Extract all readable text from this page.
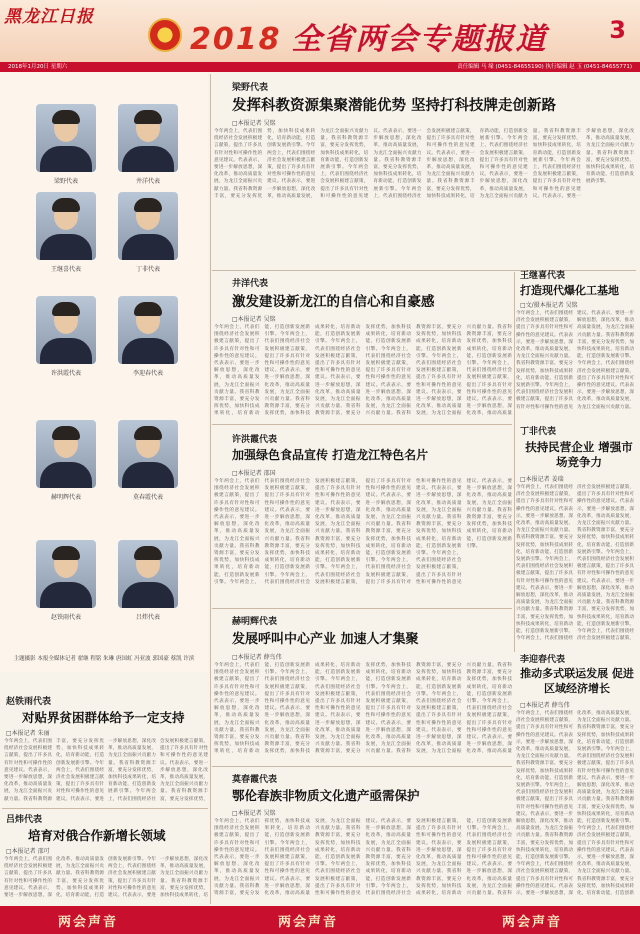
黑龙江日报
2018 全省两会专题报道	3
2018年1月20日 星期六	责任编辑 马 缘 (0451-84655190) 执行编辑 赵 玉 (0451-84655771)
梁野代表	井洋代表
王继喜代表	丁非代表
许洪霞代表	李迎春代表
赫明辉代表	莫春霞代表
赵铁雨代表	吕炜代表
主题摄影 本报全媒体记者 翟继 程铭 朱琳 唐国虹 冯亚波 郭国豪 蔡凯 许滨
梁野代表
发挥科教资源集聚潜能优势 坚持打科技牌走创新路
□本报记者 吴铭
今年两会上，代表们围绕经济社会发展积极建言献策，提出了许多具有针对性和可操作性的意见建议。代表表示，要进一步解放思想，深化改革，推动高质量发展，为龙江全面振兴贡献力量。我省科教资源丰富，要充分发挥优势，加快科技成果转化，培育新动能，打造创新发展新引擎。今年两会上，代表们围绕经济社会发展积极建言献策，提出了许多具有针对性和可操作性的意见建议。代表表示，要进一步解放思想，深化改革，推动高质量发展，为龙江全面振兴贡献力量。我省科教资源丰富，要充分发挥优势，加快科技成果转化，培育新动能，打造创新发展新引擎。今年两会上，代表们围绕经济社会发展积极建言献策，提出了许多具有针对性和可操作性的意见建议。代表表示，要进一步解放思想，深化改革，推动高质量发展，为龙江全面振兴贡献力量。我省科教资源丰富，要充分发挥优势，加快科技成果转化，培育新动能，打造创新发展新引擎。今年两会上，代表们围绕经济社会发展积极建言献策，提出了许多具有针对性和可操作性的意见建议。代表表示，要进一步解放思想，深化改革，推动高质量发展，为龙江全面振兴贡献力量。我省科教资源丰富，要充分发挥优势，加快科技成果转化，培育新动能，打造创新发展新引擎。今年两会上，代表们围绕经济社会发展积极建言献策，提出了许多具有针对性和可操作性的意见建议。代表表示，要进一步解放思想，深化改革，推动高质量发展，为龙江全面振兴贡献力量。我省科教资源丰富，要充分发挥优势，加快科技成果转化，培育新动能，打造创新发展新引擎。今年两会上，代表们围绕经济社会发展积极建言献策，提出了许多具有针对性和可操作性的意见建议。代表表示，要进一步解放思想，深化改革，推动高质量发展，为龙江全面振兴贡献力量。我省科教资源丰富，要充分发挥优势，加快科技成果转化，培育新动能，打造创新发展新引擎。
井洋代表
激发建设新龙江的自信心和自豪感
□本报记者 吴铭
今年两会上，代表们围绕经济社会发展积极建言献策，提出了许多具有针对性和可操作性的意见建议。代表表示，要进一步解放思想，深化改革，推动高质量发展，为龙江全面振兴贡献力量。我省科教资源丰富，要充分发挥优势，加快科技成果转化，培育新动能，打造创新发展新引擎。今年两会上，代表们围绕经济社会发展积极建言献策，提出了许多具有针对性和可操作性的意见建议。代表表示，要进一步解放思想，深化改革，推动高质量发展，为龙江全面振兴贡献力量。我省科教资源丰富，要充分发挥优势，加快科技成果转化，培育新动能，打造创新发展新引擎。今年两会上，代表们围绕经济社会发展积极建言献策，提出了许多具有针对性和可操作性的意见建议。代表表示，要进一步解放思想，深化改革，推动高质量发展，为龙江全面振兴贡献力量。我省科教资源丰富，要充分发挥优势，加快科技成果转化，培育新动能，打造创新发展新引擎。今年两会上，代表们围绕经济社会发展积极建言献策，提出了许多具有针对性和可操作性的意见建议。代表表示，要进一步解放思想，深化改革，推动高质量发展，为龙江全面振兴贡献力量。我省科教资源丰富，要充分发挥优势，加快科技成果转化，培育新动能，打造创新发展新引擎。今年两会上，代表们围绕经济社会发展积极建言献策，提出了许多具有针对性和可操作性的意见建议。代表表示，要进一步解放思想，深化改革，推动高质量发展，为龙江全面振兴贡献力量。我省科教资源丰富，要充分发挥优势，加快科技成果转化，培育新动能，打造创新发展新引擎。今年两会上，代表们围绕经济社会发展积极建言献策，提出了许多具有针对性和可操作性的意见建议。代表表示，要进一步解放思想，深化改革，推动高质量
王继喜代表
打造现代爆化工基地
□文/摄本报记者 吴铭
今年两会上，代表们围绕经济社会发展积极建言献策，提出了许多具有针对性和可操作性的意见建议。代表表示，要进一步解放思想，深化改革，推动高质量发展，为龙江全面振兴贡献力量。我省科教资源丰富，要充分发挥优势，加快科技成果转化，培育新动能，打造创新发展新引擎。今年两会上，代表们围绕经济社会发展积极建言献策，提出了许多具有针对性和可操作性的意见建议。代表表示，要进一步解放思想，深化改革，推动高质量发展，为龙江全面振兴贡献力量。我省科教资源丰富，要充分发挥优势，加快科技成果转化，培育新动能，打造创新发展新引擎。今年两会上，代表们围绕经济社会发展积极建言献策，提出了许多具有针对性和可操作性的意见建议。代表表示，要进一步解放思想，深化改革，推动高质量发展，为龙江全面振兴贡献力量。
许洪霞代表
加强绿色食品宣传 打造龙江特色名片
□本报记者 邵国
今年两会上，代表们围绕经济社会发展积极建言献策，提出了许多具有针对性和可操作性的意见建议。代表表示，要进一步解放思想，深化改革，推动高质量发展，为龙江全面振兴贡献力量。我省科教资源丰富，要充分发挥优势，加快科技成果转化，培育新动能，打造创新发展新引擎。今年两会上，代表们围绕经济社会发展积极建言献策，提出了许多具有针对性和可操作性的意见建议。代表表示，要进一步解放思想，深化改革，推动高质量发展，为龙江全面振兴贡献力量。我省科教资源丰富，要充分发挥优势，加快科技成果转化，培育新动能，打造创新发展新引擎。今年两会上，代表们围绕经济社会发展积极建言献策，提出了许多具有针对性和可操作性的意见建议。代表表示，要进一步解放思想，深化改革，推动高质量发展，为龙江全面振兴贡献力量。我省科教资源丰富，要充分发挥优势，加快科技成果转化，培育新动能，打造创新发展新引擎。今年两会上，代表们围绕经济社会发展积极建言献策，提出了许多具有针对性和可操作性的意见建议。代表表示，要进一步解放思想，深化改革，推动高质量发展，为龙江全面振兴贡献力量。我省科教资源丰富，要充分发挥优势，加快科技成果转化，培育新动能，打造创新发展新引擎。今年两会上，代表们围绕经济社会发展积极建言献策，提出了许多具有针对性和可操作性的意见建议。代表表示，要进一步解放思想，深化改革，推动高质量发展，为龙江全面振兴贡献力量。我省科教资源丰富，要充分发挥优势，加快科技成果转化，培育新动能，打造创新发展新引擎。今年两会上，代表们围绕经济社会发展积极建言献策，提出了许多具有针对性和可操作性的意见建议。代表表示，要进一步解放思想，深化改革，推动高质量发展，为龙江全面振兴贡献力量。我省科教资源丰富，要充分发挥优势，加快科技成果转化，培育新动能，打造创新发展新引擎。
丁非代表
扶持民营企业 增强市场竞争力
□本报记者 姜瑞
今年两会上，代表们围绕经济社会发展积极建言献策，提出了许多具有针对性和可操作性的意见建议。代表表示，要进一步解放思想，深化改革，推动高质量发展，为龙江全面振兴贡献力量。我省科教资源丰富，要充分发挥优势，加快科技成果转化，培育新动能，打造创新发展新引擎。今年两会上，代表们围绕经济社会发展积极建言献策，提出了许多具有针对性和可操作性的意见建议。代表表示，要进一步解放思想，深化改革，推动高质量发展，为龙江全面振兴贡献力量。我省科教资源丰富，要充分发挥优势，加快科技成果转化，培育新动能，打造创新发展新引擎。今年两会上，代表们围绕经济社会发展积极建言献策，提出了许多具有针对性和可操作性的意见建议。代表表示，要进一步解放思想，深化改革，推动高质量发展，为龙江全面振兴贡献力量。我省科教资源丰富，要充分发挥优势，加快科技成果转化，培育新动能，打造创新发展新引擎。今年两会上，代表们围绕经济社会发展积极建言献策，提出了许多具有针对性和可操作性的意见建议。代表表示，要进一步解放思想，深化改革，推动高质量发展，为龙江全面振兴贡献力量。我省科教资源丰富，要充分发挥优势，加快科技成果转化，培育新动能，打造创新发展新引擎。今年两会上，代表们围绕经济社会发展积极建言献策，
赫明辉代表
发展呼叫中心产业 加速人才集聚
□本报记者 薛鸟伟
今年两会上，代表们围绕经济社会发展积极建言献策，提出了许多具有针对性和可操作性的意见建议。代表表示，要进一步解放思想，深化改革，推动高质量发展，为龙江全面振兴贡献力量。我省科教资源丰富，要充分发挥优势，加快科技成果转化，培育新动能，打造创新发展新引擎。今年两会上，代表们围绕经济社会发展积极建言献策，提出了许多具有针对性和可操作性的意见建议。代表表示，要进一步解放思想，深化改革，推动高质量发展，为龙江全面振兴贡献力量。我省科教资源丰富，要充分发挥优势，加快科技成果转化，培育新动能，打造创新发展新引擎。今年两会上，代表们围绕经济社会发展积极建言献策，提出了许多具有针对性和可操作性的意见建议。代表表示，要进一步解放思想，深化改革，推动高质量发展，为龙江全面振兴贡献力量。我省科教资源丰富，要充分发挥优势，加快科技成果转化，培育新动能，打造创新发展新引擎。今年两会上，代表们围绕经济社会发展积极建言献策，提出了许多具有针对性和可操作性的意见建议。代表表示，要进一步解放思想，深化改革，推动高质量发展，为龙江全面振兴贡献力量。我省科教资源丰富，要充分发挥优势，加快科技成果转化，培育新动能，打造创新发展新引擎。今年两会上，代表们围绕经济社会发展积极建言献策，提出了许多具有针对性和可操作性的意见建议。代表表示，要进一步解放思想，深化改革，推动高质量发展，为龙江全面振兴贡献力量。我省科教资源丰富，要充分发挥优势，加快科技成果转化，培育新动能，打造创新发展新引擎。今年两会上，代表们围绕经济社会发展积极建言献策，提出了许多具有针对性和可操作性的意见建议。代表表示，要进一步解放思想，深化改革，推动高质量
赵铁雨代表
对贴界贫困群体给予一定支持
□本报记者 朱丽
今年两会上，代表们围绕经济社会发展积极建言献策，提出了许多具有针对性和可操作性的意见建议。代表表示，要进一步解放思想，深化改革，推动高质量发展，为龙江全面振兴贡献力量。我省科教资源丰富，要充分发挥优势，加快科技成果转化，培育新动能，打造创新发展新引擎。今年两会上，代表们围绕经济社会发展积极建言献策，提出了许多具有针对性和可操作性的意见建议。代表表示，要进一步解放思想，深化改革，推动高质量发展，为龙江全面振兴贡献力量。我省科教资源丰富，要充分发挥优势，加快科技成果转化，培育新动能，打造创新发展新引擎。今年两会上，代表们围绕经济社会发展积极建言献策，提出了许多具有针对性和可操作性的意见建议。代表表示，要进一步解放思想，深化改革，推动高质量发展，为龙江全面振兴贡献力量。我省科教资源丰富，要充分发挥优势，
李迎春代表
推动多式联运发展 促进区域经济增长
□本报记者 薛鸟伟
今年两会上，代表们围绕经济社会发展积极建言献策，提出了许多具有针对性和可操作性的意见建议。代表表示，要进一步解放思想，深化改革，推动高质量发展，为龙江全面振兴贡献力量。我省科教资源丰富，要充分发挥优势，加快科技成果转化，培育新动能，打造创新发展新引擎。今年两会上，代表们围绕经济社会发展积极建言献策，提出了许多具有针对性和可操作性的意见建议。代表表示，要进一步解放思想，深化改革，推动高质量发展，为龙江全面振兴贡献力量。我省科教资源丰富，要充分发挥优势，加快科技成果转化，培育新动能，打造创新发展新引擎。今年两会上，代表们围绕经济社会发展积极建言献策，提出了许多具有针对性和可操作性的意见建议。代表表示，要进一步解放思想，深化改革，推动高质量发展，为龙江全面振兴贡献力量。我省科教资源丰富，要充分发挥优势，加快科技成果转化，培育新动能，打造创新发展新引擎。今年两会上，代表们围绕经济社会发展积极建言献策，提出了许多具有针对性和可操作性的意见建议。代表表示，要进一步解放思想，深化改革，推动高质量发展，为龙江全面振兴贡献力量。我省科教资源丰富，要充分发挥优势，加快科技成果转化，培育新动能，打造创新发展新引擎。今年两会上，代表们围绕经济社会发展积极建言献策，提出了许多具有针对性和可操作性的意见建议。代表表示，要进一步解放思想，深化改革，推动高质量发展，为龙江全面振兴贡献力量。我省科教资源丰富，要充分发挥优势，加快科技成果转化，培育新动能，打造创新
莫春霞代表
鄂伦春族非物质文化遗产亟需保护
□本报记者 吴铭
今年两会上，代表们围绕经济社会发展积极建言献策，提出了许多具有针对性和可操作性的意见建议。代表表示，要进一步解放思想，深化改革，推动高质量发展，为龙江全面振兴贡献力量。我省科教资源丰富，要充分发挥优势，加快科技成果转化，培育新动能，打造创新发展新引擎。今年两会上，代表们围绕经济社会发展积极建言献策，提出了许多具有针对性和可操作性的意见建议。代表表示，要进一步解放思想，深化改革，推动高质量发展，为龙江全面振兴贡献力量。我省科教资源丰富，要充分发挥优势，加快科技成果转化，培育新动能，打造创新发展新引擎。今年两会上，代表们围绕经济社会发展积极建言献策，提出了许多具有针对性和可操作性的意见建议。代表表示，要进一步解放思想，深化改革，推动高质量发展，为龙江全面振兴贡献力量。我省科教资源丰富，要充分发挥优势，加快科技成果转化，培育新动能，打造创新发展新引擎。今年两会上，代表们围绕经济社会发展积极建言献策，提出了许多具有针对性和可操作性的意见建议。代表表示，要进一步解放思想，深化改革，推动高质量发展，为龙江全面振兴贡献力量。我省科教资源丰富，要充分发挥优势，加快科技成果转化，培育新动能，打造创新发展新引擎。今年两会上，代表们围绕经济社会发展积极建言献策，提出了许多具有针对性和可操作性的意见建议。代表表示，要进一步解放思想，深化改革，推动高质量发展，为龙江全面振兴贡献力量。我省科
吕炜代表
培育对俄合作新增长领域
□本报记者 邵可
今年两会上，代表们围绕经济社会发展积极建言献策，提出了许多具有针对性和可操作性的意见建议。代表表示，要进一步解放思想，深化改革，推动高质量发展，为龙江全面振兴贡献力量。我省科教资源丰富，要充分发挥优势，加快科技成果转化，培育新动能，打造创新发展新引擎。今年两会上，代表们围绕经济社会发展积极建言献策，提出了许多具有针对性和可操作性的意见建议。代表表示，要进一步解放思想，深化改革，推动高质量发展，为龙江全面振兴贡献力量。我省科教资源丰富，要充分发挥优势，加快科技成果转化，培
两会声音	两会声音	两会声音
